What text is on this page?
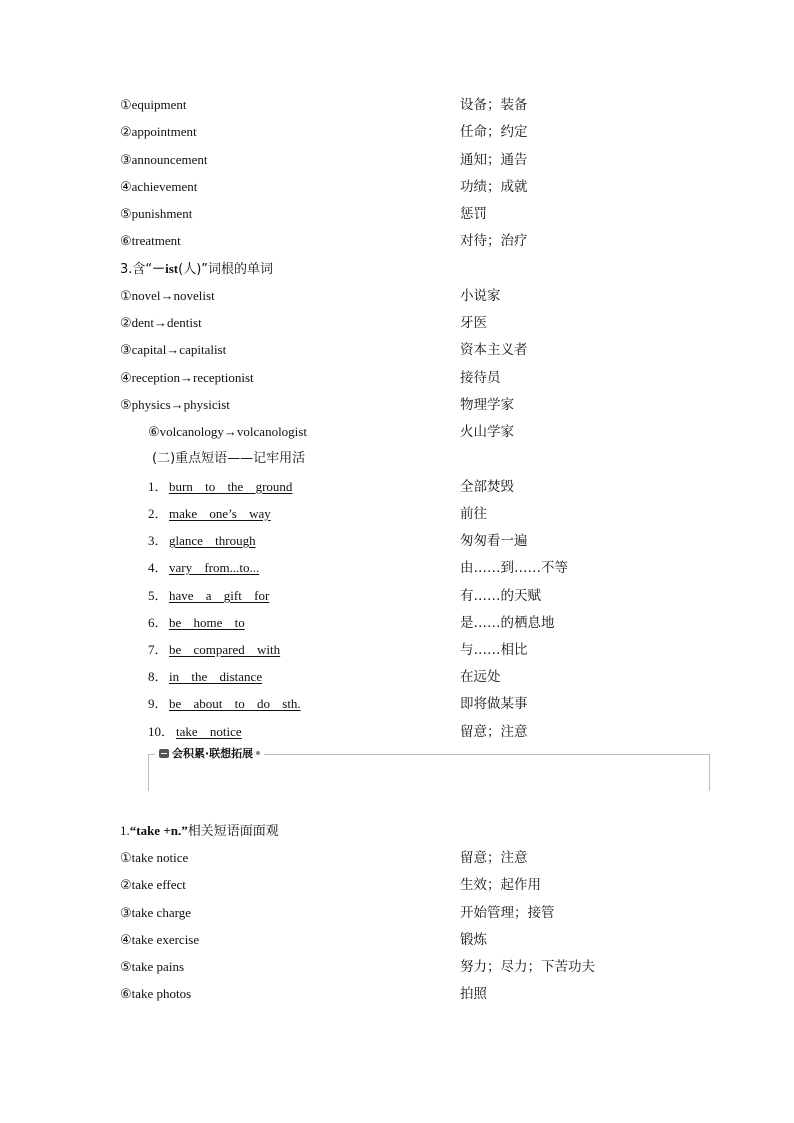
①equipment	设备；装备
②appointment	任命；约定
③announcement	通知；通告
④achievement	功绩；成就
⑤punishment	惩罚
⑥treatment	对待；治疗
3.含“－ist(人)”词根的单词
①novel→novelist	小说家
②dent→dentist	牙医
③capital→capitalist	资本主义者
④reception→receptionist	接待员
⑤physics→physicist	物理学家
⑥volcanology→volcanologist	火山学家
(二)重点短语——记牢用活
1． burn to the ground	全部焚毁
2． make one’s way	前往
3． glance through	匆匆看一遍
4． vary from...to...	由……到……不等
5． have a gift for	有……的天赋
6． be home to	是……的栖息地
7． be compared with	与……相比
8． in the distance	在远处
9． be about to do sth.	即将做某事
10． take notice	留意；注意
会积累·联想拓展
1.“take +n.”相关短语面面观
①take notice	留意；注意
②take effect	生效；起作用
③take charge	开始管理；接管
④take exercise	锻炼
⑤take pains	努力；尽力；下苦功夫
⑥take photos	拍照
